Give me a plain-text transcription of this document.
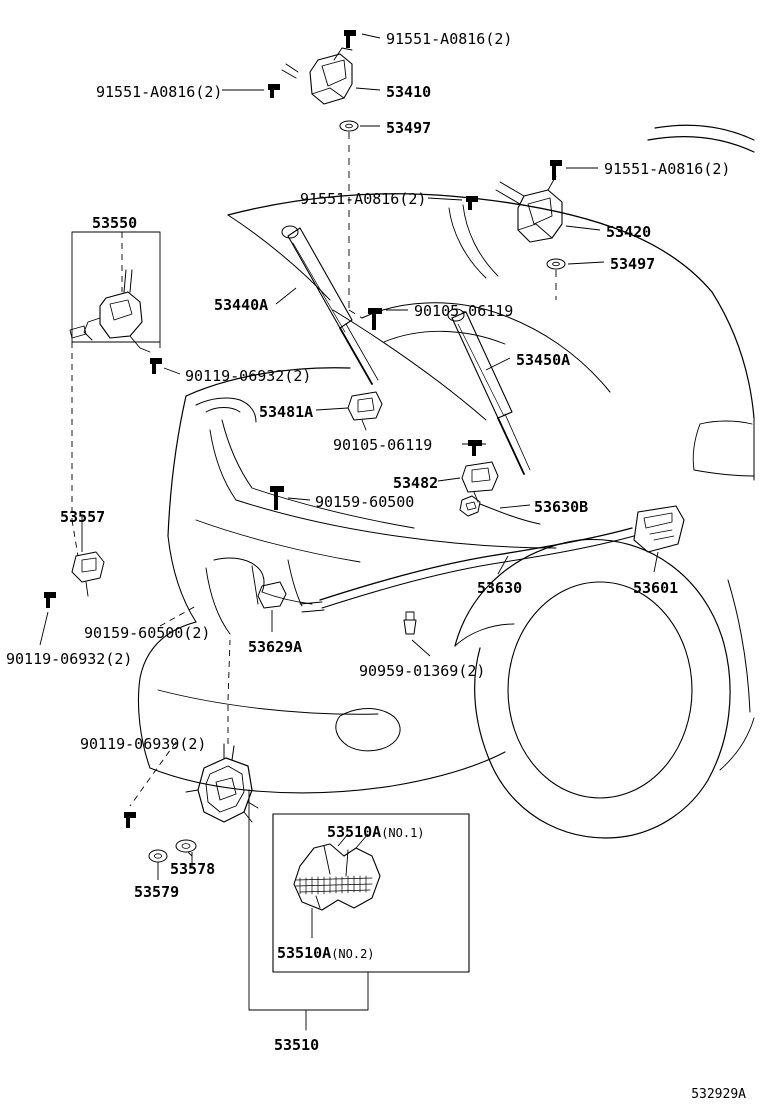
91551-A0816(2)
91551-A0816(2)	53410
53497
91551-A0816(2)
91551-A0816(2)
53550	53420
53497
53440A	90105-06119
53450A
90119-06932(2)
53481A
90105-06119
53482
90159-60500	53630B
53557
53630	53601
90159-60500(2)
53629A
90119-06932(2)
90959-01369(2)
90119-06939(2)
53578
53579
53510
53510A(NO.1)
53510A(NO.2)
532929A
